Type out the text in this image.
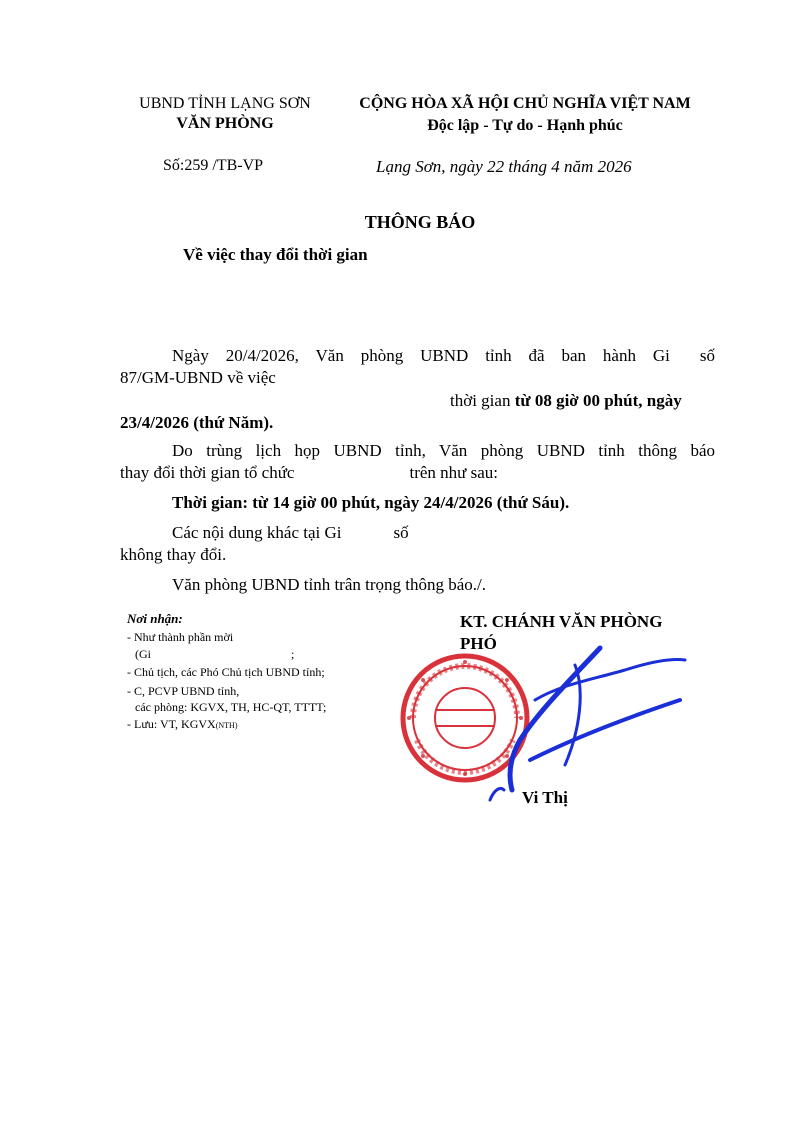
UBND TỈNH LẠNG SƠN
VĂN PHÒNG
CỘNG HÒA XÃ HỘI CHỦ NGHĨA VIỆT NAM
Độc lập - Tự do - Hạnh phúc
Số:259 /TB-VP	Lạng Sơn, ngày 22 tháng 4 năm 2026
THÔNG BÁO
Về việc thay đổi thời gian
Ngày 20/4/2026, Văn phòng UBND tỉnh đã ban hành Gi số
87/GM-UBND về việc
thời gian từ 08 giờ 00 phút, ngày
23/4/2026 (thứ Năm).
Do trùng lịch họp UBND tỉnh, Văn phòng UBND tỉnh thông báo
thay đổi thời gian tổ chức	trên như sau:
Thời gian: từ 14 giờ 00 phút, ngày 24/4/2026 (thứ Sáu).
Các nội dung khác tại Gi	số
không thay đổi.
Văn phòng UBND tỉnh trân trọng thông báo./.
Nơi nhận:
- Như thành phần mời
(Gi	;
- Chủ tịch, các Phó Chủ tịch UBND tỉnh;
- C, PCVP UBND tỉnh,
các phòng: KGVX, TH, HC-QT, TTTT;
- Lưu: VT, KGVX(NTH)
KT. CHÁNH VĂN PHÒNG
PHÓ
Vi Thị
